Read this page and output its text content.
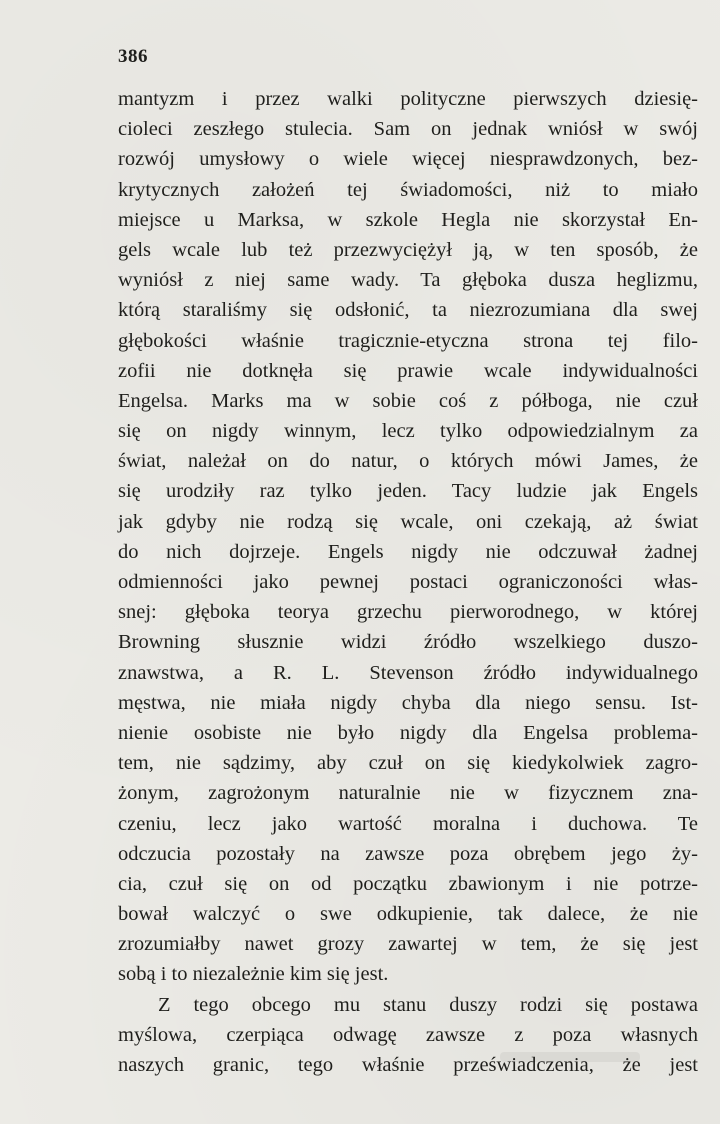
386
mantyzm i przez walki polityczne pierwszych dziesię-
cioleci zeszłego stulecia. Sam on jednak wniósł w swój
rozwój umysłowy o wiele więcej niesprawdzonych, bez-
krytycznych założeń tej świadomości, niż to miało
miejsce u Marksa, w szkole Hegla nie skorzystał En-
gels wcale lub też przezwyciężył ją, w ten sposób, że
wyniósł z niej same wady. Ta głęboka dusza heglizmu,
którą staraliśmy się odsłonić, ta niezrozumiana dla swej
głębokości właśnie tragicznie-etyczna strona tej filo-
zofii nie dotknęła się prawie wcale indywidualności
Engelsa. Marks ma w sobie coś z półboga, nie czuł
się on nigdy winnym, lecz tylko odpowiedzialnym za
świat, należał on do natur, o których mówi James, że
się urodziły raz tylko jeden. Tacy ludzie jak Engels
jak gdyby nie rodzą się wcale, oni czekają, aż świat
do nich dojrzeje. Engels nigdy nie odczuwał żadnej
odmienności jako pewnej postaci ograniczoności włas-
snej: głęboka teorya grzechu pierworodnego, w której
Browning słusznie widzi źródło wszelkiego duszo-
znawstwa, a R. L. Stevenson źródło indywidualnego
męstwa, nie miała nigdy chyba dla niego sensu. Ist-
nienie osobiste nie było nigdy dla Engelsa problema-
tem, nie sądzimy, aby czuł on się kiedykolwiek zagro-
żonym, zagrożonym naturalnie nie w fizycznem zna-
czeniu, lecz jako wartość moralna i duchowa. Te
odczucia pozostały na zawsze poza obrębem jego ży-
cia, czuł się on od początku zbawionym i nie potrze-
bował walczyć o swe odkupienie, tak dalece, że nie
zrozumiałby nawet grozy zawartej w tem, że się jest
sobą i to niezależnie kim się jest.
Z tego obcego mu stanu duszy rodzi się postawa
myślowa, czerpiąca odwagę zawsze z poza własnych
naszych granic, tego właśnie przeświadczenia, że jest
